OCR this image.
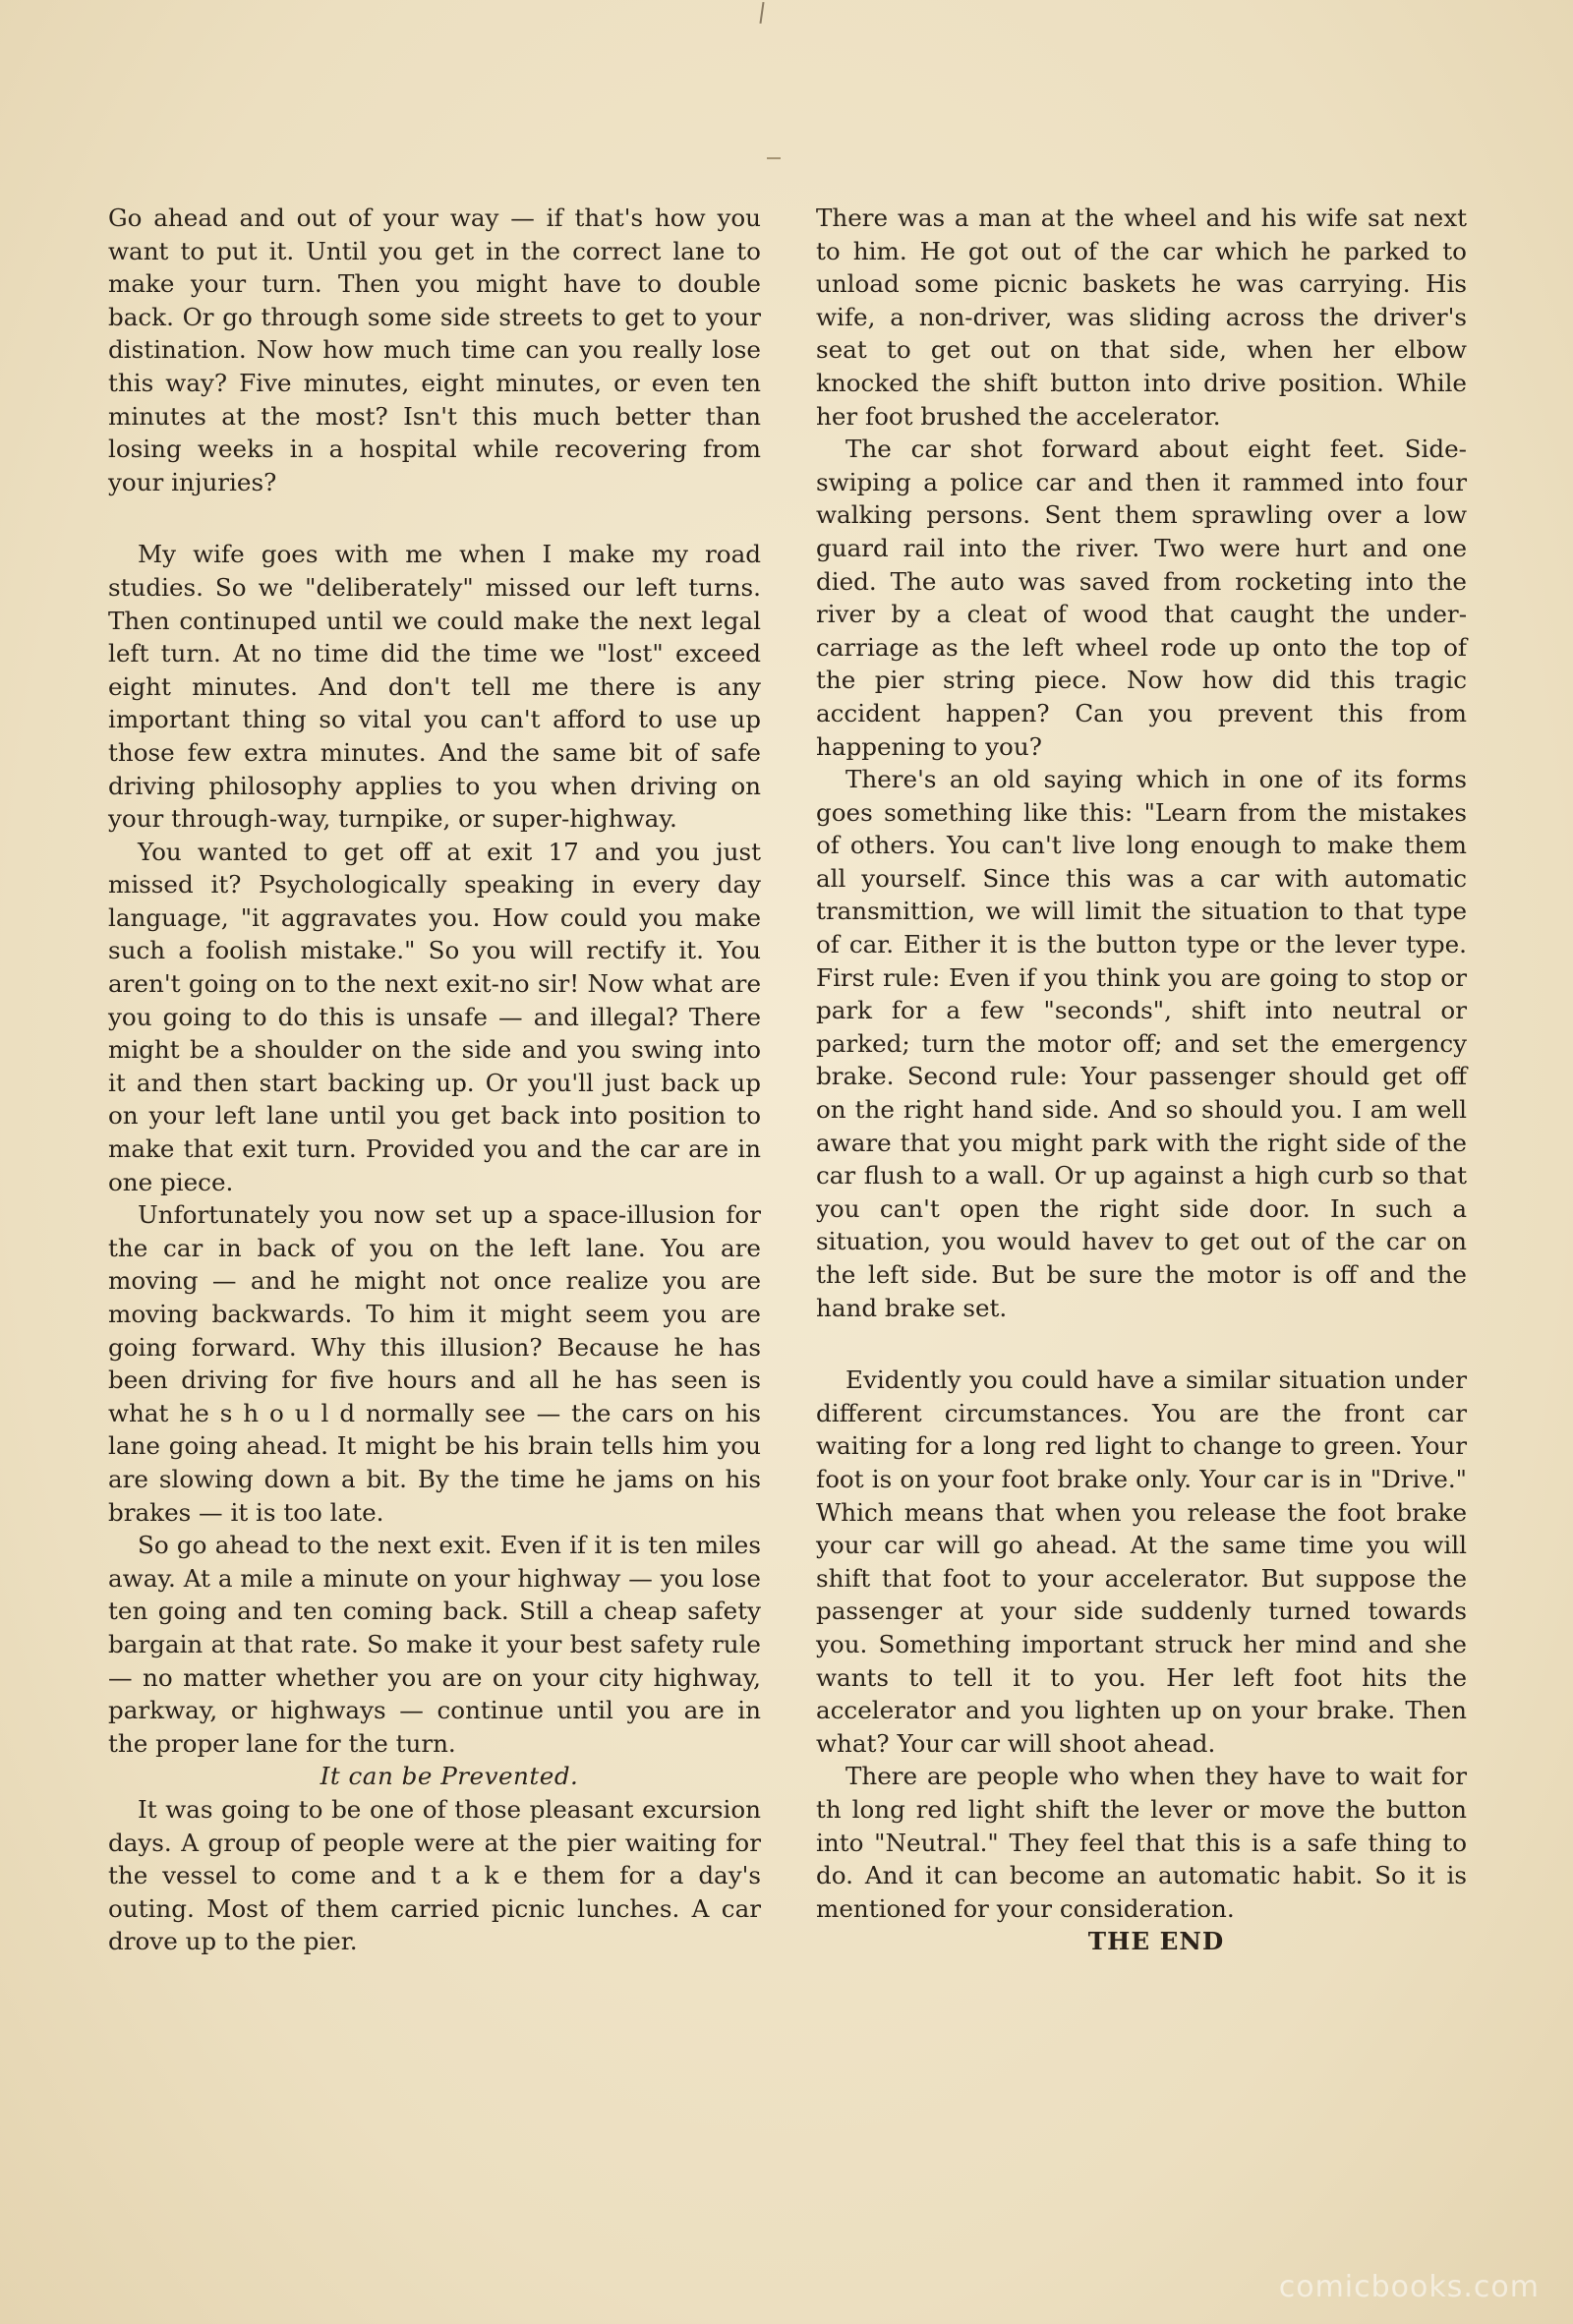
Go ahead and out of your way — if that's how you want to put it. Until you get in the correct lane to make your turn. Then you might have to double back. Or go through some side streets to get to your distination. Now how much time can you really lose this way? Five minutes, eight minutes, or even ten minutes at the most? Isn't this much better than losing weeks in a hospital while recovering from your injuries?

My wife goes with me when I make my road studies. So we "deliberately" missed our left turns. Then continuped until we could make the next legal left turn. At no time did the time we "lost" exceed eight minutes. And don't tell me there is any important thing so vital you can't afford to use up those few extra minutes. And the same bit of safe driving philosophy applies to you when driving on your through-way, turnpike, or super-highway.

You wanted to get off at exit 17 and you just missed it? Psychologically speaking in every day language, "it aggravates you. How could you make such a foolish mistake." So you will rectify it. You aren't going on to the next exit-no sir! Now what are you going to do this is unsafe — and illegal? There might be a shoulder on the side and you swing into it and then start backing up. Or you'll just back up on your left lane until you get back into position to make that exit turn. Provided you and the car are in one piece.

Unfortunately you now set up a space-illusion for the car in back of you on the left lane. You are moving — and he might not once realize you are moving backwards. To him it might seem you are going forward. Why this illusion? Because he has been driving for five hours and all he has seen is what he s h o u l d normally see — the cars on his lane going ahead. It might be his brain tells him you are slowing down a bit. By the time he jams on his brakes — it is too late.

So go ahead to the next exit. Even if it is ten miles away. At a mile a minute on your highway — you lose ten going and ten coming back. Still a cheap safety bargain at that rate. So make it your best safety rule — no matter whether you are on your city highway, parkway, or highways — continue until you are in the proper lane for the turn.

It can be Prevented.

It was going to be one of those pleasant excursion days. A group of people were at the pier waiting for the vessel to come and t a k e them for a day's outing. Most of them carried picnic lunches. A car drove up to the pier.

There was a man at the wheel and his wife sat next to him. He got out of the car which he parked to unload some picnic baskets he was carrying. His wife, a non-driver, was sliding across the driver's seat to get out on that side, when her elbow knocked the shift button into drive position. While her foot brushed the accelerator.

The car shot forward about eight feet. Side-swiping a police car and then it rammed into four walking persons. Sent them sprawling over a low guard rail into the river. Two were hurt and one died. The auto was saved from rocketing into the river by a cleat of wood that caught the under-carriage as the left wheel rode up onto the top of the pier string piece. Now how did this tragic accident happen? Can you prevent this from happening to you?

There's an old saying which in one of its forms goes something like this: "Learn from the mistakes of others. You can't live long enough to make them all yourself. Since this was a car with automatic transmittion, we will limit the situation to that type of car. Either it is the button type or the lever type. First rule: Even if you think you are going to stop or park for a few "seconds", shift into neutral or parked; turn the motor off; and set the emergency brake. Second rule: Your passenger should get off on the right hand side. And so should you. I am well aware that you might park with the right side of the car flush to a wall. Or up against a high curb so that you can't open the right side door. In such a situation, you would havev to get out of the car on the left side. But be sure the motor is off and the hand brake set.

Evidently you could have a similar situation under different circumstances. You are the front car waiting for a long red light to change to green. Your foot is on your foot brake only. Your car is in "Drive." Which means that when you release the foot brake your car will go ahead. At the same time you will shift that foot to your accelerator. But suppose the passenger at your side suddenly turned towards you. Something important struck her mind and she wants to tell it to you. Her left foot hits the accelerator and you lighten up on your brake. Then what? Your car will shoot ahead.

There are people who when they have to wait for th long red light shift the lever or move the button into "Neutral." They feel that this is a safe thing to do. And it can become an automatic habit. So it is mentioned for your consideration.

THE END

comicbooks.com
